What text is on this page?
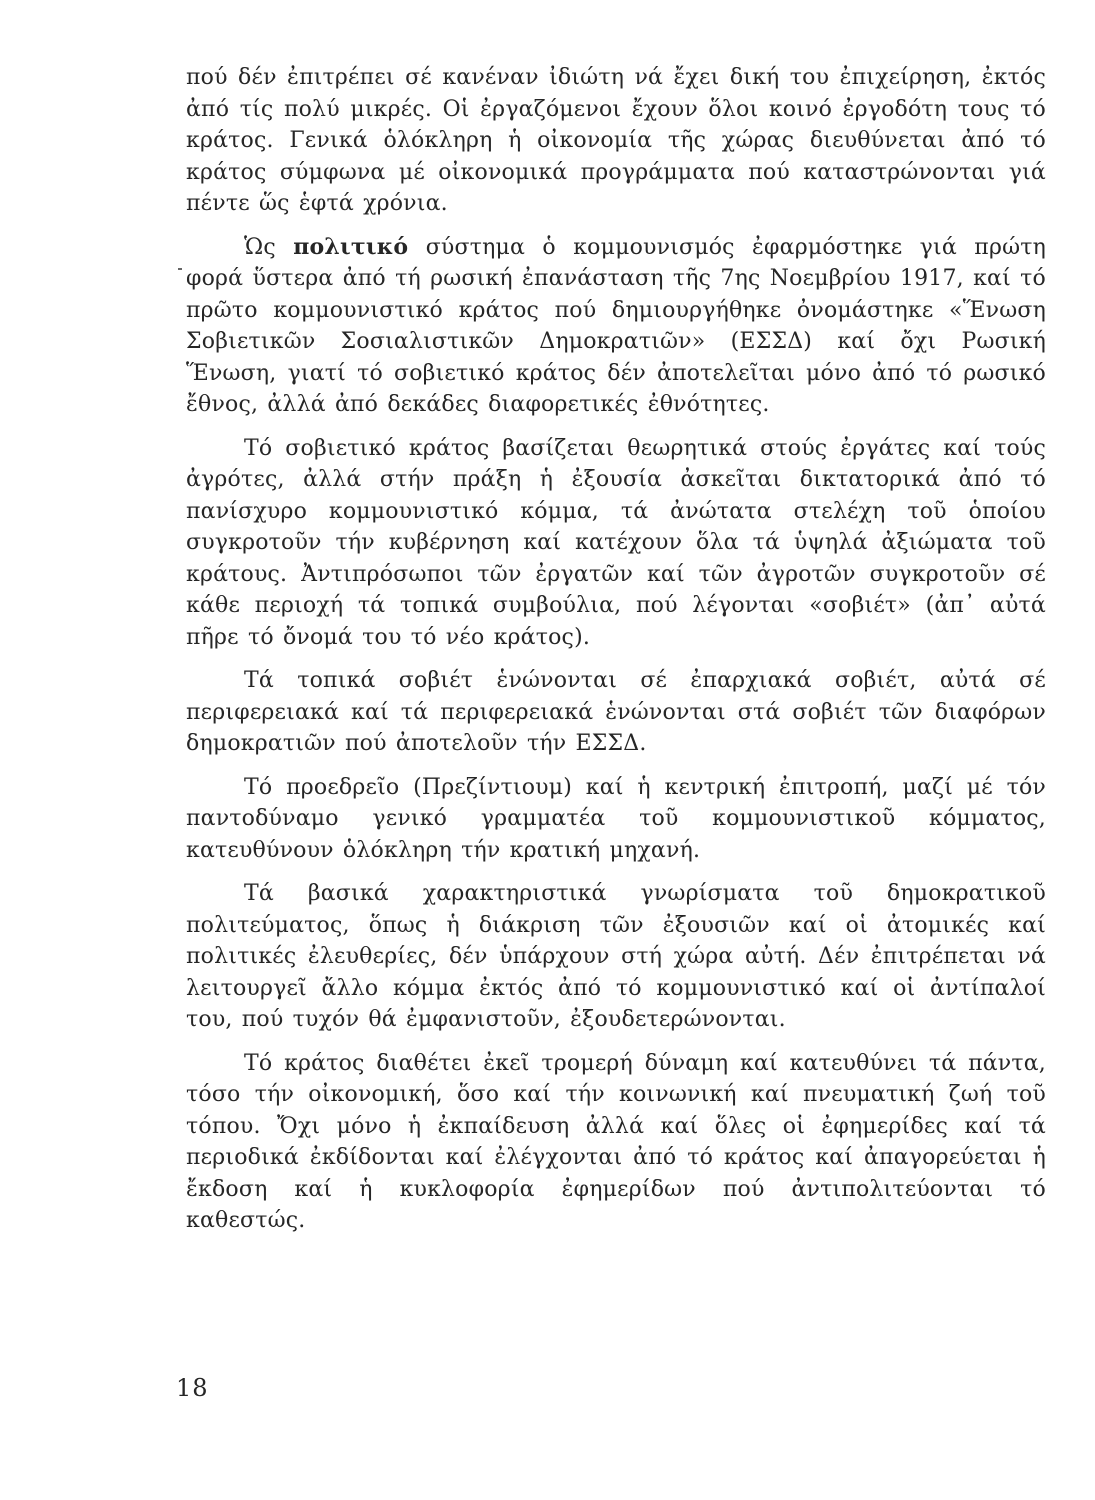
πού δέν ἐπιτρέπει σέ κανέναν ἰδιώτη νά ἔχει δική του ἐπιχείρηση, ἐκτός ἀπό τίς πολύ μικρές. Οἱ ἐργαζόμενοι ἔχουν ὅλοι κοινό ἐργοδότη τους τό κράτος. Γενικά ὁλόκληρη ἡ οἰκονομία τῆς χώρας διευθύνεται ἀπό τό κράτος σύμφωνα μέ οἰκονομικά προγράμματα πού καταστρώνονται γιά πέντε ὥς ἑφτά χρόνια.

Ὡς πολιτικό σύστημα ὁ κομμουνισμός ἐφαρμόστηκε γιά πρώτη φορά ὕστερα ἀπό τή ρωσική ἐπανάσταση τῆς 7ης Νοεμβρίου 1917, καί τό πρῶτο κομμουνιστικό κράτος πού δημιουργήθηκε ὀνομάστηκε «Ἕνωση Σοβιετικῶν Σοσιαλιστικῶν Δημοκρατιῶν» (ΕΣΣΔ) καί ὄχι Ρωσική Ἕνωση, γιατί τό σοβιετικό κράτος δέν ἀποτελεῖται μόνο ἀπό τό ρωσικό ἔθνος, ἀλλά ἀπό δεκάδες διαφορετικές ἐθνότητες.

Τό σοβιετικό κράτος βασίζεται θεωρητικά στούς ἐργάτες καί τούς ἀγρότες, ἀλλά στήν πράξη ἡ ἐξουσία ἀσκεῖται δικτατορικά ἀπό τό πανίσχυρο κομμουνιστικό κόμμα, τά ἀνώτατα στελέχη τοῦ ὁποίου συγκροτοῦν τήν κυβέρνηση καί κατέχουν ὅλα τά ὑψηλά ἀξιώματα τοῦ κράτους. Ἀντιπρόσωποι τῶν ἐργατῶν καί τῶν ἀγροτῶν συγκροτοῦν σέ κάθε περιοχή τά τοπικά συμβούλια, πού λέγονται «σοβιέτ» (ἀπ᾽ αὐτά πῆρε τό ὄνομά του τό νέο κράτος).

Τά τοπικά σοβιέτ ἑνώνονται σέ ἐπαρχιακά σοβιέτ, αὐτά σέ περιφερειακά καί τά περιφερειακά ἑνώνονται στά σοβιέτ τῶν διαφόρων δημοκρατιῶν πού ἀποτελοῦν τήν ΕΣΣΔ.

Τό προεδρεῖο (Πρεζίντιουμ) καί ἡ κεντρική ἐπιτροπή, μαζί μέ τόν παντοδύναμο γενικό γραμματέα τοῦ κομμουνιστικοῦ κόμματος, κατευθύνουν ὁλόκληρη τήν κρατική μηχανή.

Τά βασικά χαρακτηριστικά γνωρίσματα τοῦ δημοκρατικοῦ πολιτεύματος, ὅπως ἡ διάκριση τῶν ἐξουσιῶν καί οἱ ἀτομικές καί πολιτικές ἐλευθερίες, δέν ὑπάρχουν στή χώρα αὐτή. Δέν ἐπιτρέπεται νά λειτουργεῖ ἄλλο κόμμα ἐκτός ἀπό τό κομμουνιστικό καί οἱ ἀντίπαλοί του, πού τυχόν θά ἐμφανιστοῦν, ἐξουδετερώνονται.

Τό κράτος διαθέτει ἐκεῖ τρομερή δύναμη καί κατευθύνει τά πάντα, τόσο τήν οἰκονομική, ὅσο καί τήν κοινωνική καί πνευματική ζωή τοῦ τόπου. Ὄχι μόνο ἡ ἐκπαίδευση ἀλλά καί ὅλες οἱ ἐφημερίδες καί τά περιοδικά ἐκδίδονται καί ἐλέγχονται ἀπό τό κράτος καί ἀπαγορεύεται ἡ ἔκδοση καί ἡ κυκλοφορία ἐφημερίδων πού ἀντιπολιτεύονται τό καθεστώς.

18
